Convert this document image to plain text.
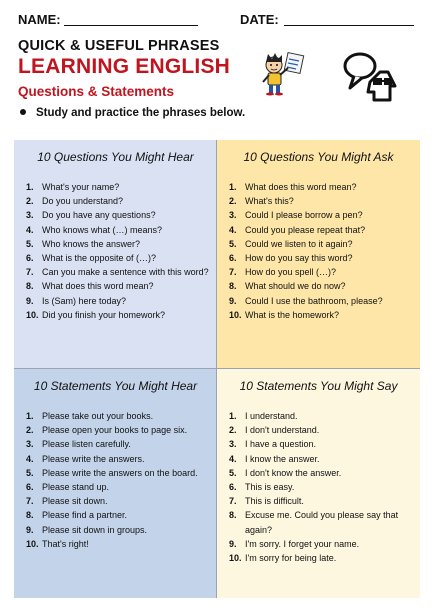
NAME:	DATE:
QUICK & USEFUL PHRASES
LEARNING ENGLISH
Questions & Statements
Study and practice the phrases below.
10 Questions You Might Hear
1. What's your name?
2. Do you understand?
3. Do you have any questions?
4. Who knows what (…) means?
5. Who knows the answer?
6. What is the opposite of (…)?
7. Can you make a sentence with this word?
8. What does this word mean?
9. Is (Sam) here today?
10. Did you finish your homework?
10 Questions You Might Ask
1. What does this word mean?
2. What's this?
3. Could I please borrow a pen?
4. Could you please repeat that?
5. Could we listen to it again?
6. How do you say this word?
7. How do you spell (…)?
8. What should we do now?
9. Could I use the bathroom, please?
10. What is the homework?
10 Statements You Might Hear
1. Please take out your books.
2. Please open your books to page six.
3. Please listen carefully.
4. Please write the answers.
5. Please write the answers on the board.
6. Please stand up.
7. Please sit down.
8. Please find a partner.
9. Please sit down in groups.
10. That's right!
10 Statements You Might Say
1. I understand.
2. I don't understand.
3. I have a question.
4. I know the answer.
5. I don't know the answer.
6. This is easy.
7. This is difficult.
8. Excuse me. Could you please say that again?
9. I'm sorry. I forget your name.
10. I'm sorry for being late.
